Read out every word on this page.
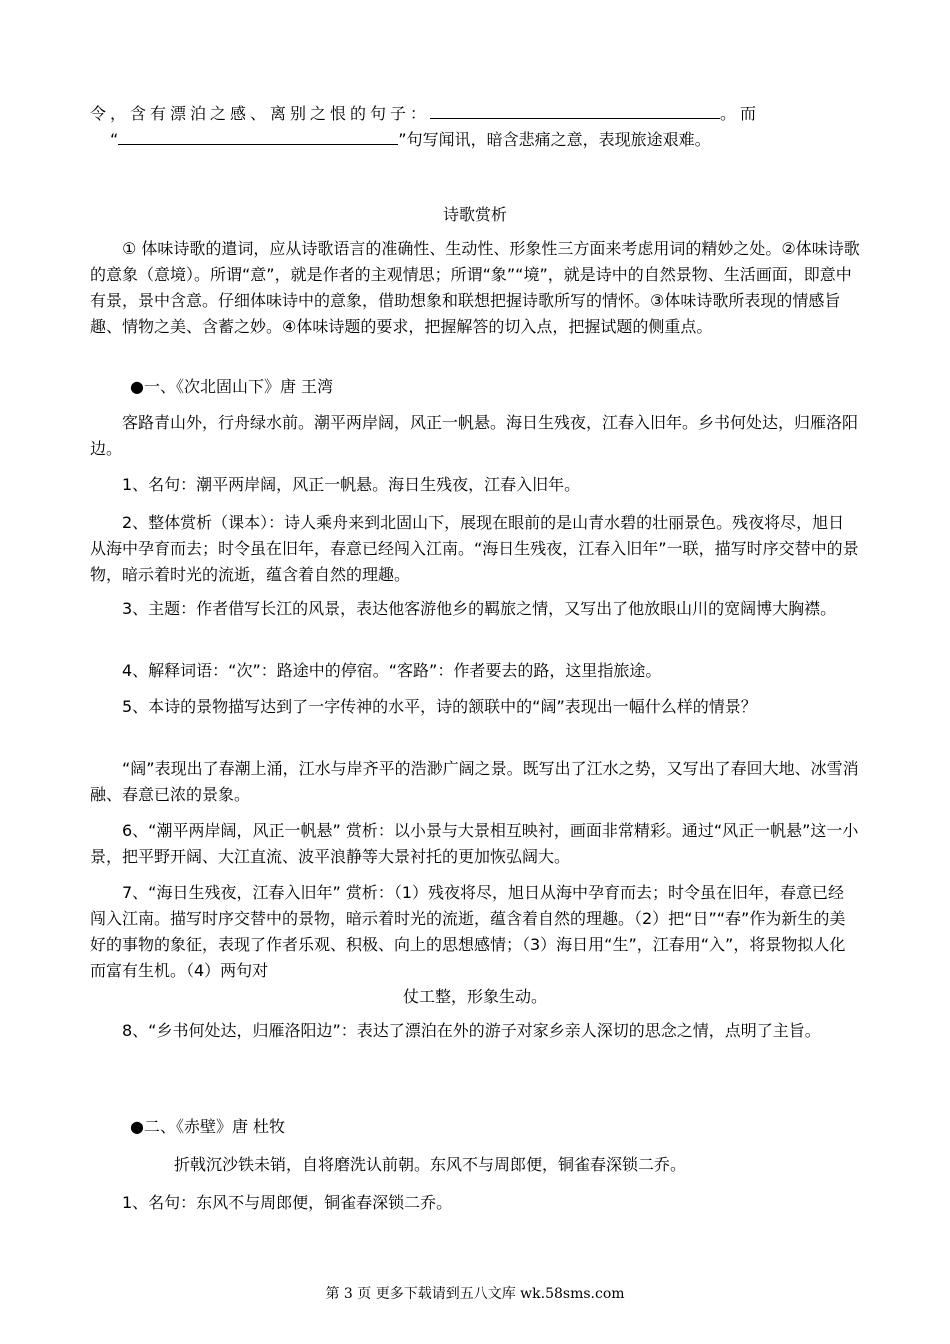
令，含有漂泊之感、离别之恨的句子：	。而
“	”句写闻讯，暗含悲痛之意，表现旅途艰难。
诗歌赏析
① 体味诗歌的遣词，应从诗歌语言的准确性、生动性、形象性三方面来考虑用词的精妙之处。②体味诗歌的意象（意境）。所谓“意”，就是作者的主观情思；所谓“象”“境”，就是诗中的自然景物、生活画面，即意中有景，景中含意。仔细体味诗中的意象，借助想象和联想把握诗歌所写的情怀。③体味诗歌所表现的情感旨趣、情物之美、含蓄之妙。④体味诗题的要求，把握解答的切入点，把握试题的侧重点。
●一、《次北固山下》唐 王湾
客路青山外，行舟绿水前。潮平两岸阔，风正一帆悬。海日生残夜，江春入旧年。乡书何处达，归雁洛阳边。
1、名句：潮平两岸阔，风正一帆悬。海日生残夜，江春入旧年。
2、整体赏析（课本）：诗人乘舟来到北固山下，展现在眼前的是山青水碧的壮丽景色。残夜将尽，旭日从海中孕育而去；时令虽在旧年，春意已经闯入江南。“海日生残夜，江春入旧年”一联，描写时序交替中的景物，暗示着时光的流逝，蕴含着自然的理趣。
3、主题：作者借写长江的风景，表达他客游他乡的羁旅之情，又写出了他放眼山川的宽阔博大胸襟。
4、解释词语：“次”：路途中的停宿。“客路”：作者要去的路，这里指旅途。
5、本诗的景物描写达到了一字传神的水平，诗的颔联中的“阔”表现出一幅什么样的情景？
“阔”表现出了春潮上涌，江水与岸齐平的浩渺广阔之景。既写出了江水之势，又写出了春回大地、冰雪消融、春意已浓的景象。
6、“潮平两岸阔，风正一帆悬” 赏析：以小景与大景相互映衬，画面非常精彩。通过“风正一帆悬”这一小景，把平野开阔、大江直流、波平浪静等大景衬托的更加恢弘阔大。
7、“海日生残夜，江春入旧年” 赏析：（1）残夜将尽，旭日从海中孕育而去；时令虽在旧年，春意已经闯入江南。描写时序交替中的景物，暗示着时光的流逝，蕴含着自然的理趣。（2）把“日”“春”作为新生的美好的事物的象征，表现了作者乐观、积极、向上的思想感情；（3）海日用“生”，江春用“入”，将景物拟人化而富有生机。（4）两句对
仗工整，形象生动。
8、“乡书何处达，归雁洛阳边”：表达了漂泊在外的游子对家乡亲人深切的思念之情，点明了主旨。
●二、《赤壁》唐 杜牧
折戟沉沙铁未销，自将磨洗认前朝。东风不与周郎便，铜雀春深锁二乔。
1、名句：东风不与周郎便，铜雀春深锁二乔。
第 3 页 更多下载请到五八文库 wk.58sms.com
